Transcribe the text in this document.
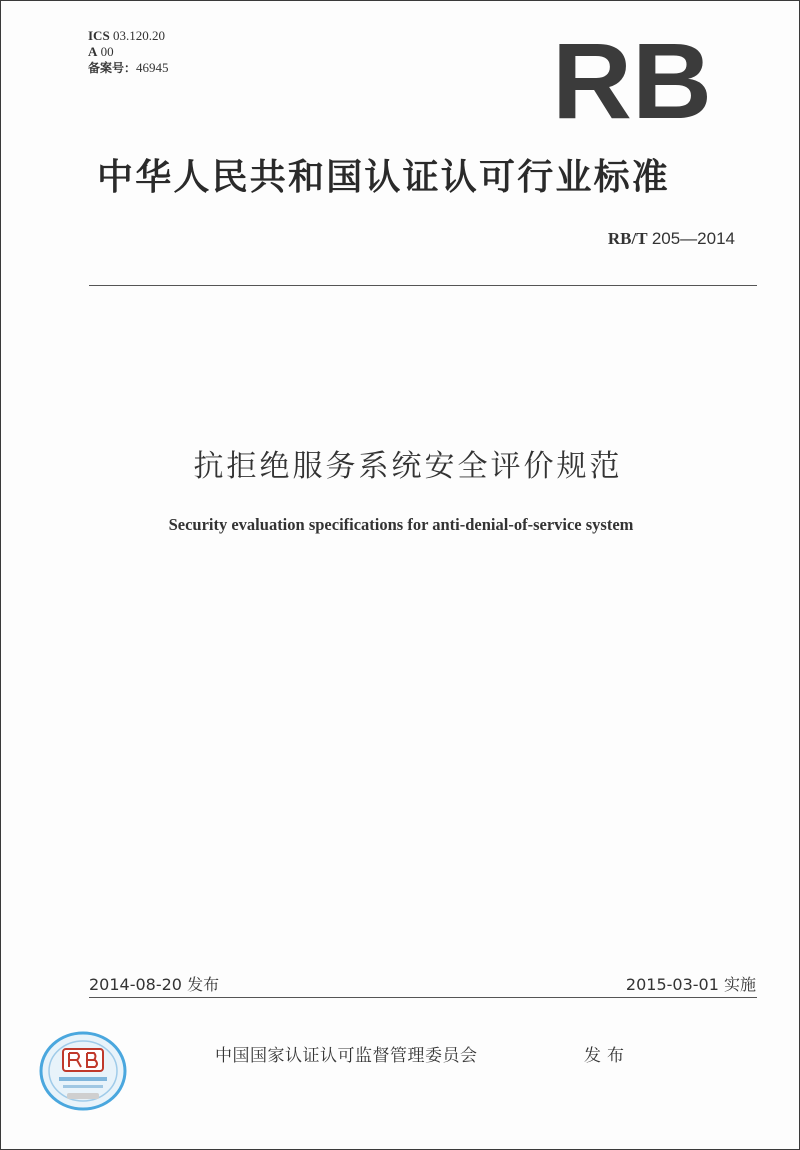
ICS 03.120.20
A 00
备案号：46945	RB
中华人民共和国认证认可行业标准
RB/T 205—2014
抗拒绝服务系统安全评价规范
Security evaluation specifications for anti-denial-of-service system
2014-08-20 发布	2015-03-01 实施
中国国家认证认可监督管理委员会	发布
